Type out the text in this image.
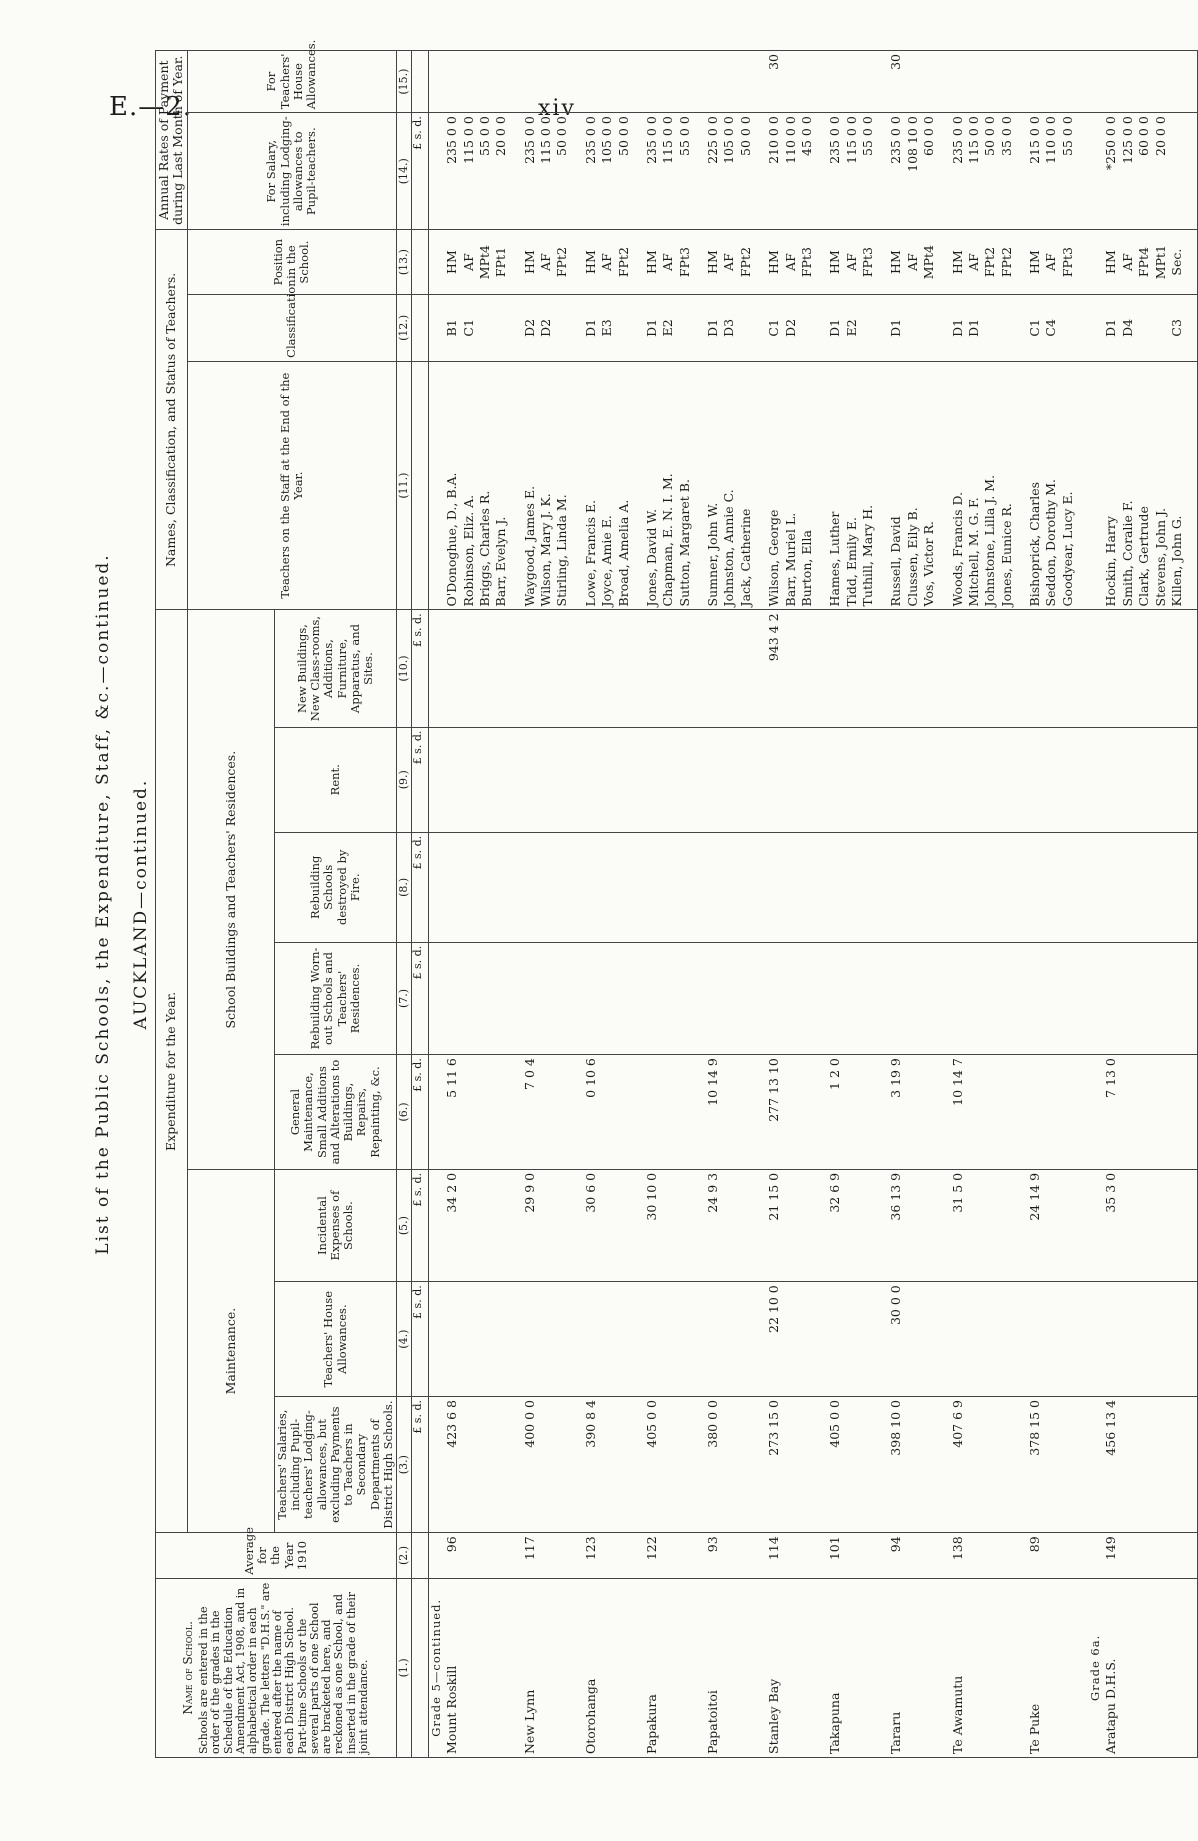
E.—2.	xiv
List of the Public Schools, the Expenditure, Staff, &c.—continued. AUCKLAND—continued.
Name of School. Schools are entered in the order of the grades in the Schedule of the Education Amendment Act, 1908, and in alphabetical order in each grade. The letters "D.H.S." are entered after the name of each District High School. Part-time Schools or the several parts of one School are bracketed here, and reckoned as one School, and inserted in the grade of their joint attendance.	Average for the Year 1910	Expenditure for the Year.								Names, Classification, and Status of Teachers.			Annual Rates of Payment during Last Month of Year.	
		Maintenance.			School Buildings and Teachers' Residences.					Teachers on the Staff at the End of the Year.	Classification.	Position in the School.	For Salary, including Lodging-allowances to Pupil-teachers.	For Teachers' House Allowances.
		Teachers' Salaries, including Pupil-teachers' Lodging-allowances, but excluding Payments to Teachers in Secondary Departments of District High Schools.	Teachers' House Allowances.	Incidental Expenses of Schools.	General Maintenance, Small Additions and Alterations to Buildings, Repairs, Repainting, &c.	Rebuilding Worn-out Schools and Teachers' Residences.	Rebuilding Schools destroyed by Fire.	Rent.	New Buildings, New Class-rooms, Additions, Furniture, Apparatus, and Sites.					
(1.)	(2.)	(3.)	(4.)	(5.)	(6.)	(7.)	(8.)	(9.)	(10.)	(11.)	(12.)	(13.)	(14.)	(15.)
		£ s. d.	£ s. d.	£ s. d.	£ s. d.	£ s. d.	£ s. d.	£ s. d.	£ s. d.				£ s. d.	
Grade 5—continued.														
Mount Roskill	96	423 6 8		34 2 0	5 11 6					O'Donoghue, D., B.A.	B1	HM	235 0 0	
										Robinson, Eliz. A.	C1	AF	115 0 0	
										Briggs, Charles R.		MPt4	55 0 0	
										Barr, Evelyn J.		FPt1	20 0 0	

New Lynn	117	400 0 0		29 9 0	7 0 4					Waygood, James E.	D2	HM	235 0 0	
										Wilson, Mary J. K.	D2	AF	115 0 0	
										Stirling, Linda M.		FPt2	50 0 0	

Otorohanga	123	390 8 4		30 6 0	0 10 6					Lowe, Francis E.	D1	HM	235 0 0	
										Joyce, Amie E.	E3	AF	105 0 0	
										Broad, Amelia A.		FPt2	50 0 0	

Papakura	122	405 0 0		30 10 0						Jones, David W.	D1	HM	235 0 0	
										Chapman, E. N. I. M.	E2	AF	115 0 0	
										Sutton, Margaret B.		FPt3	55 0 0	

Papatoitoi	93	380 0 0		24 9 3	10 14 9					Sumner, John W.	D1	HM	225 0 0	
										Johnston, Annie C.	D3	AF	105 0 0	
										Jack, Catherine		FPt2	50 0 0	

Stanley Bay	114	273 15 0	22 10 0	21 15 0	277 13 10				943 4 2	Wilson, George	C1	HM	210 0 0	30
										Barr, Muriel L.	D2	AF	110 0 0	
										Burton, Ella		FPt3	45 0 0	

Takapuna	101	405 0 0		32 6 9	1 2 0					Hames, Luther	D1	HM	235 0 0	
										Tidd, Emily E.	E2	AF	115 0 0	
										Tuthill, Mary H.		FPt3	55 0 0	

Tararu	94	398 10 0	30 0 0	36 13 9	3 19 9					Russell, David	D1	HM	235 0 0	30
										Clussen, Eily B.		AF	108 10 0	
										Vos, Victor R.		MPt4	60 0 0	

Te Awamutu	138	407 6 9		31 5 0	10 14 7					Woods, Francis D.	D1	HM	235 0 0	
										Mitchell, M. G. F.	D1	AF	115 0 0	
										Johnstone, Lilla J. M.		FPt2	50 0 0	
										Jones, Eunice R.		FPt2	35 0 0	

Te Puke	89	378 15 0		24 14 9						Bishoprick, Charles	C1	HM	215 0 0	
										Seddon, Dorothy M.	C4	AF	110 0 0	
										Goodyear, Lucy E.		FPt3	55 0 0	

Grade 6a.														
Aratapu D.H.S.	149	456 13 4		35 3 0	7 13 0					Hockin, Harry	D1	HM	*250 0 0	
										Smith, Coralie F.	D4	AF	125 0 0	
										Clark, Gertrude		FPt4	60 0 0	
										Stevens, John J.		MPt1	20 0 0	
										Killen, John G.	C3	Sec.		
